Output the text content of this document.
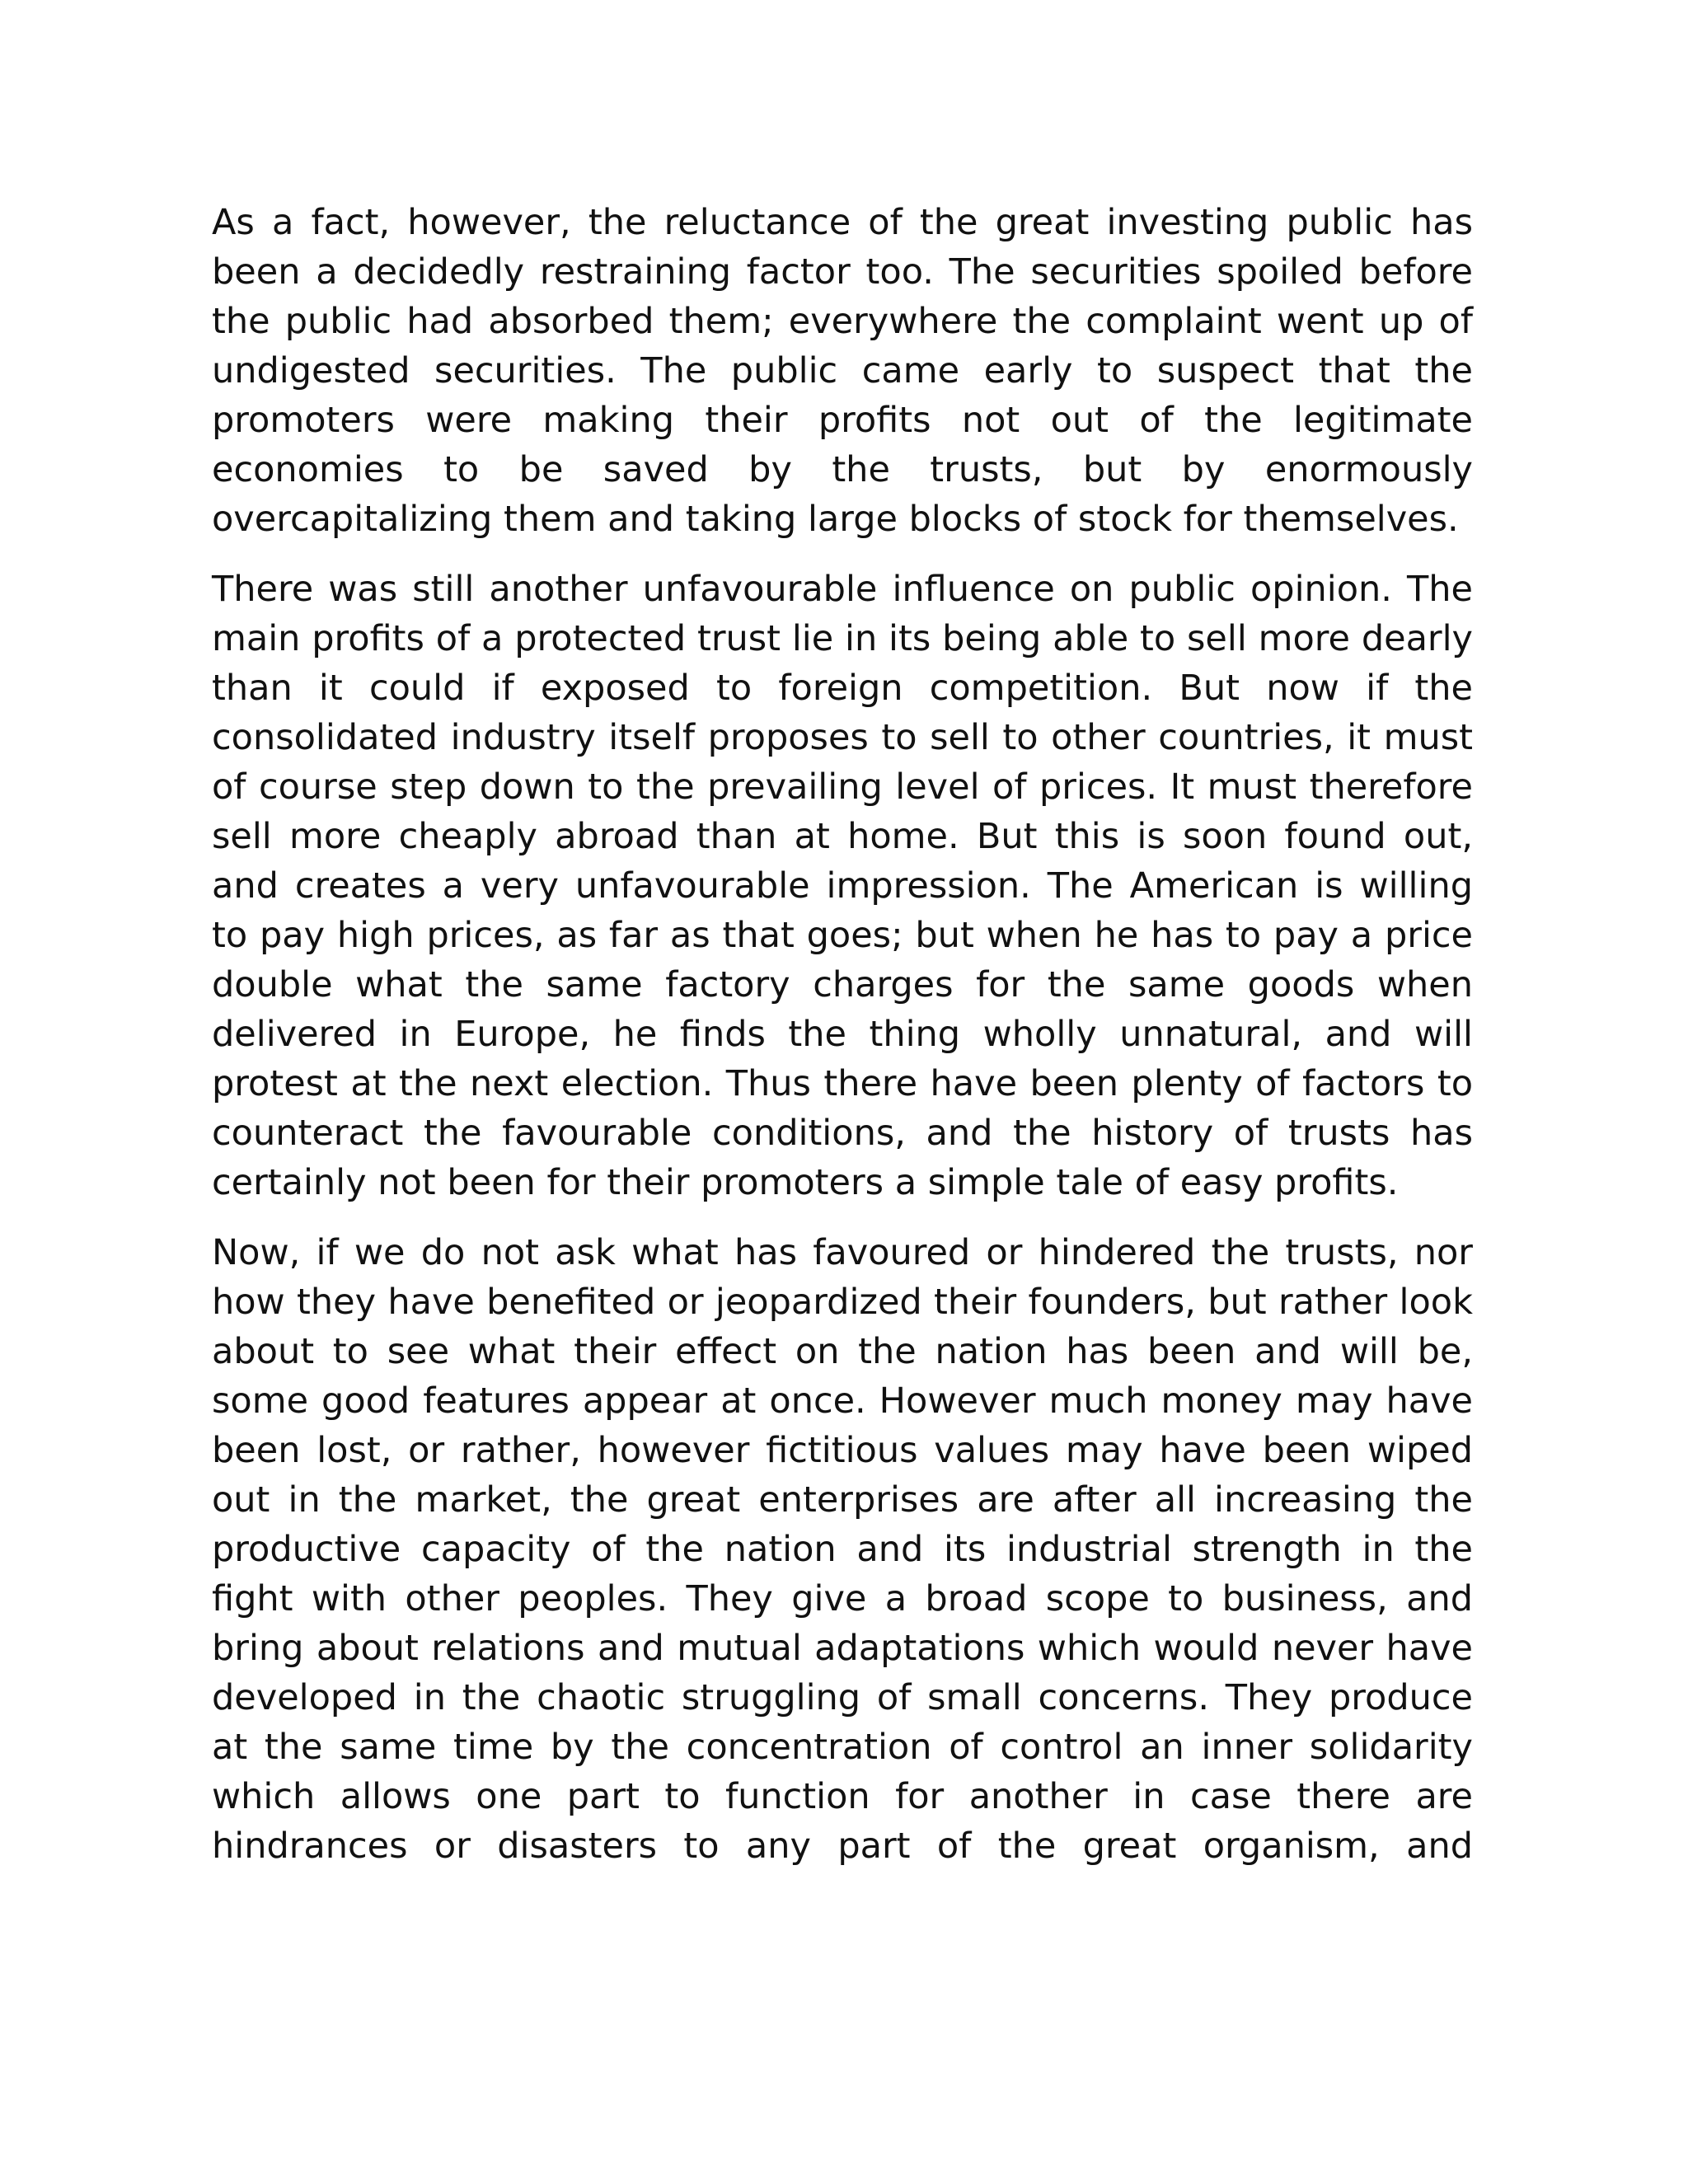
As a fact, however, the reluctance of the great investing public has been a decidedly restraining factor too. The securities spoiled before the public had absorbed them; everywhere the complaint went up of undigested securities. The public came early to suspect that the promoters were making their profits not out of the legitimate economies to be saved by the trusts, but by enormously overcapitalizing them and taking large blocks of stock for themselves.

There was still another unfavourable influence on public opinion. The main profits of a protected trust lie in its being able to sell more dearly than it could if exposed to foreign competition. But now if the consolidated industry itself proposes to sell to other countries, it must of course step down to the prevailing level of prices. It must therefore sell more cheaply abroad than at home. But this is soon found out, and creates a very unfavourable impression. The American is willing to pay high prices, as far as that goes; but when he has to pay a price double what the same factory charges for the same goods when delivered in Europe, he finds the thing wholly unnatural, and will protest at the next election. Thus there have been plenty of factors to counteract the favourable conditions, and the history of trusts has certainly not been for their promoters a simple tale of easy profits.

Now, if we do not ask what has favoured or hindered the trusts, nor how they have benefited or jeopardized their founders, but rather look about to see what their effect on the nation has been and will be, some good features appear at once. However much money may have been lost, or rather, however fictitious values may have been wiped out in the market, the great enterprises are after all increasing the productive capacity of the nation and its industrial strength in the fight with other peoples. They give a broad scope to business, and bring about relations and mutual adaptations which would never have developed in the chaotic struggling of small concerns. They produce at the same time by the concentration of control an inner solidarity which allows one part to function for another in case there are hindrances or disasters to any part of the great organism, and
